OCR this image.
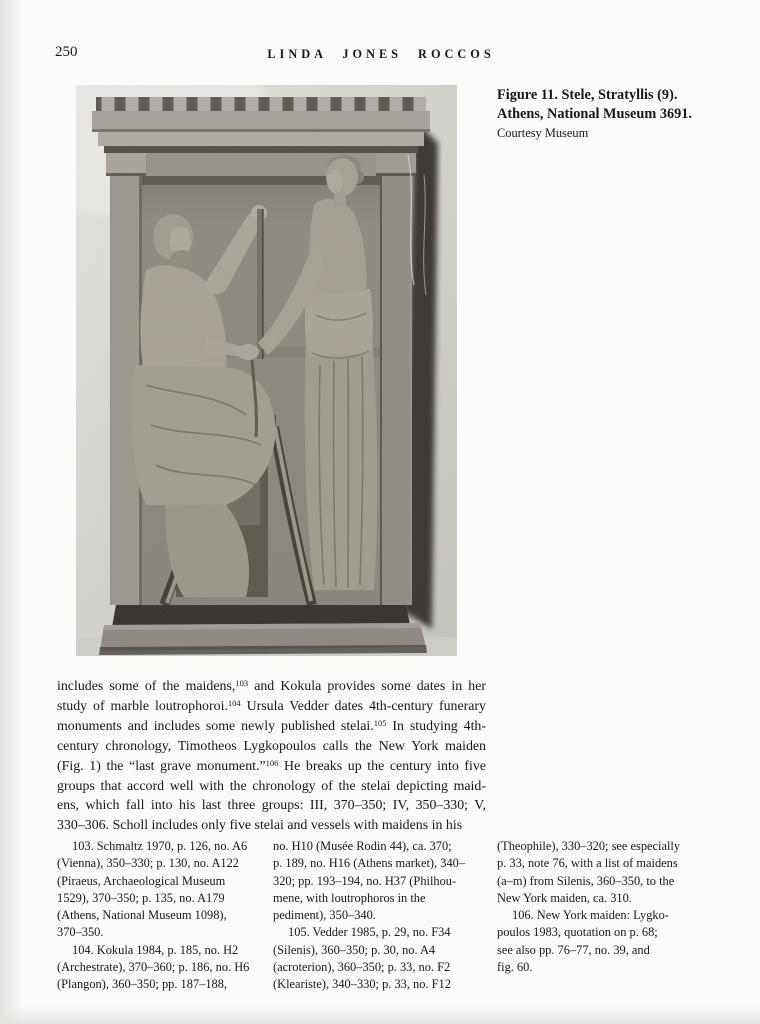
250	LINDA JONES ROCCOS
Figure 11. Stele, Stratyllis (9).
Athens, National Museum 3691.
Courtesy Museum
includes some of the maidens,$^{103}$ and Kokula provides some dates in her
study of marble loutrophoroi.$^{104}$ Ursula Vedder dates 4th-century funerary
monuments and includes some newly published stelai.$^{105}$ In studying 4th-
century chronology, Timotheos Lygkopoulos calls the New York maiden
(Fig. 1) the “last grave monument.”$^{106}$ He breaks up the century into five
groups that accord well with the chronology of the stelai depicting maid-
ens, which fall into his last three groups: III, 370–350; IV, 350–330; V,
330–306. Scholl includes only five stelai and vessels with maidens in his
103. Schmaltz 1970, p. 126, no. A6
(Vienna), 350–330; p. 130, no. A122
(Piraeus, Archaeological Museum
1529), 370–350; p. 135, no. A179
(Athens, National Museum 1098),
370–350.
104. Kokula 1984, p. 185, no. H2
(Archestrate), 370–360; p. 186, no. H6
(Plangon), 360–350; pp. 187–188,
no. H10 (Musée Rodin 44), ca. 370;
p. 189, no. H16 (Athens market), 340–
320; pp. 193–194, no. H37 (Philhou-
mene, with loutrophoros in the
pediment), 350–340.
105. Vedder 1985, p. 29, no. F34
(Silenis), 360–350; p. 30, no. A4
(acroterion), 360–350; p. 33, no. F2
(Kleariste), 340–330; p. 33, no. F12
(Theophile), 330–320; see especially
p. 33, note 76, with a list of maidens
(a–m) from Silenis, 360–350, to the
New York maiden, ca. 310.
106. New York maiden: Lygko-
poulos 1983, quotation on p. 68;
see also pp. 76–77, no. 39, and
fig. 60.
